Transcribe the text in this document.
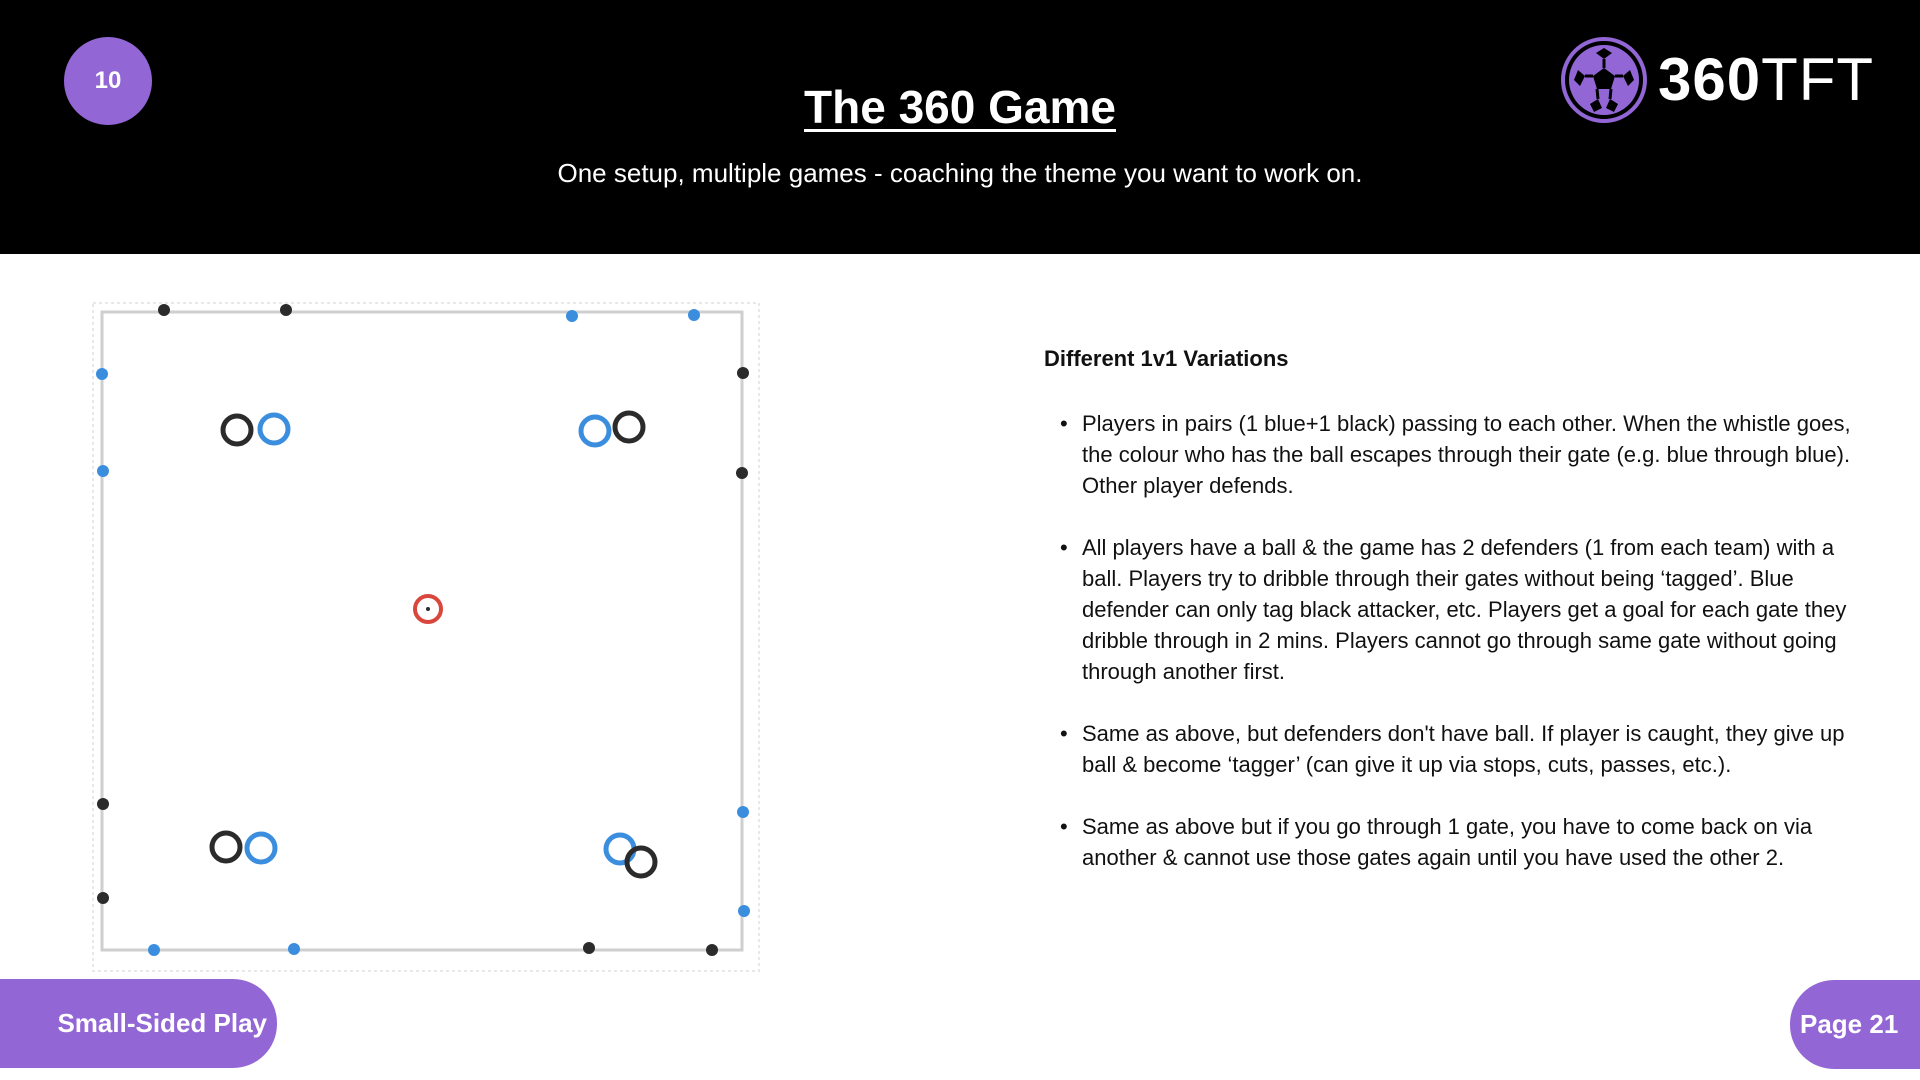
10
The 360 Game
One setup, multiple games - coaching the theme you want to work on.
360TFT
Different 1v1 Variations
• Players in pairs (1 blue+1 black) passing to each other. When the whistle goes, the colour who has the ball escapes through their gate (e.g. blue through blue). Other player defends.
• All players have a ball & the game has 2 defenders (1 from each team) with a ball. Players try to dribble through their gates without being ‘tagged’. Blue defender can only tag black attacker, etc. Players get a goal for each gate they dribble through in 2 mins. Players cannot go through same gate without going through another first.
• Same as above, but defenders don't have ball. If player is caught, they give up ball & become ‘tagger’ (can give it up via stops, cuts, passes, etc.).
• Same as above but if you go through 1 gate, you have to come back on via another & cannot use those gates again until you have used the other 2.
Small-Sided Play	Page 21
